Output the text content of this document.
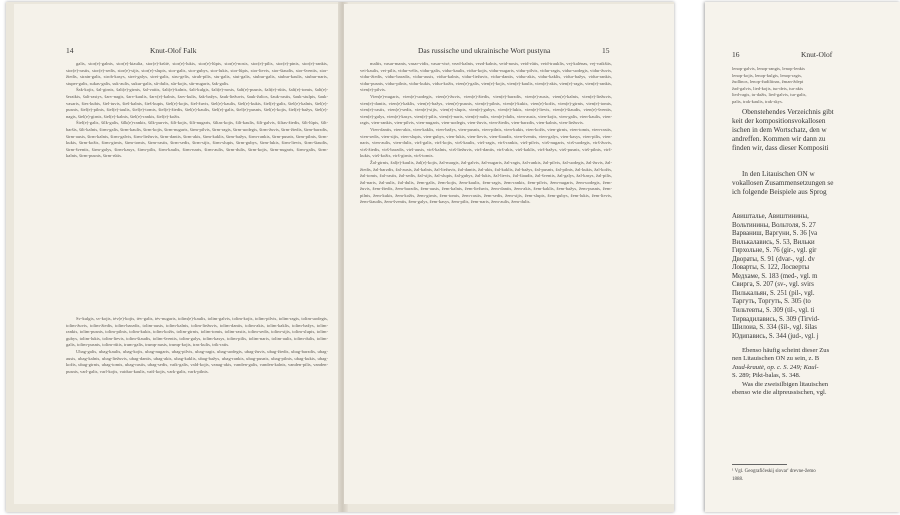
14	Knut-Olof Falk

galis, stor(e)-galnis, stor(e)-kiaulia, stor(e)-krūtė, stor(e)-lukis, stor(e)-lūpis, stor(e)-nosis, stor(e)-pilis, stor(e)-pinis, stor(e)-rankis, stor(e)-rastis, stor(e)-sedis, stor(e)-sijis, stor(e)-slupis, stor-galis, stor-gubys, stor-lukis, stor-lūpis, stor-lievis, stor-šiaudis, stor-šventis, stor-žiedis, strain-galis, strob-kasys, strei-galys, strei-galis, stru-gelis, strub-pilis, stu-galis, stut-galis, stubur-galis, stubur-kaulis, stubur-naris, stuper-galis, sukas-galis, suk-aulis, sukur-galis, sū-dulis, sūr-kojis, sūr-nugaris, šak-galis.

Šak-kojis, šal-girnis, šalt(e)-girnis, šal-vaitis, šalt(e)-kalnis, šalt-kulgis, šalt(e)-nosis, šalt(e)-pusnis, šalt(e)-rūtis, šalt(e)-tomis, šalt(e)-šeraikis, šalt-rastys, šarv-nagis, šarv-kaulis, šarv(e)-kalnis, šarv-kulis, šak-bažys, šauk-liežuvis, šauk-žalios, šauk-rastis, šauk-stulpis, šauk-vasaris, šies-kubis, šiel-tuvis, šieš-kalnis, šieš-kupis, šiel(e)-kojis, šiel-žuvis, šiel(e)-kaulis, šiel(e)-kukis, šiel(e)-galis, šiel(e)-kalnis, šiel(e)-pusnis, šiel(e)-pilnis, šiel(e)-taulis, šiel(e)-tomis, šiel(e)-žiedis, šiel(e)-kaulis, šiel(e)-galis, šiel(e)-pusnis, šiel(e)-kojis, šiel(e)-bažys, šiel(e)-nagis, šiel(e)-girnis, šiel(e)-kalnis, šiel(e)-rankis, šiel(e)-kožis.

Šiel(e)-galis, šilk-galis, šilk(e)-rankis, šilk-purvis, šilt-kojis, šilt-nugaris, šiltas-kojis, šilt-kaulis, šilt-galvis, šiltas-žiedis, šilt-lūpis, šilt-baršis, šilt-kalnis, širm-galis, širm-kaulis, širm-kojis, širm-nugaris, širm-pilvis, širm-ragis, širm-uodegis, širm-žuvis, širm-žiedis, širm-barzdis, širm-ausis, širm-kalnis, širm-galvis, širm-liežuvis, širm-dantis, širm-akis, širm-kaklis, širm-bažys, širm-rankis, širm-pusnis, širm-pilnis, širm-kukis, širm-kožis, širm-girnis, širm-tomis, širm-rastis, širm-sedis, širm-sijis, širm-slupis, širm-gubys, širm-lukis, širm-lievis, širm-šiaudis, širm-šventis, širm-galys, širm-kasys, širm-pilis, širm-kaulis, širm-naris, širm-aulis, širm-dulis, širm-kojis, širm-nugaris, širm-galis, širm-kalnis, širm-pusnis, širm-rūtis.

Sv-kulgis, sv-kojis, tėv(e)-kojis, tėv-galis, tėv-nugaris, tolim(e)-kaulis, tolim-galvis, tolim-kojis, tolim-pilvis, tolim-ragis, tolim-uodegis, tolim-žuvis, tolim-žiedis, tolim-barzdis, tolim-ausis, tolim-kalnis, tolim-liežuvis, tolim-dantis, tolim-akis, tolim-kaklis, tolim-bažys, tolim-rankis, tolim-pusnis, tolim-pilnis, tolim-kukis, tolim-kožis, tolim-girnis, tolim-tomis, tolim-rastis, tolim-sedis, tolim-sijis, tolim-slupis, tolim-gubys, tolim-lukis, tolim-lievis, tolim-šiaudis, tolim-šventis, tolim-galys, tolim-kasys, tolim-pilis, tolim-naris, tolim-aulis, tolim-dulis, tolim-galis, tolim-pusnis, tolim-rūtis, trum-galis, trump-ausis, trump-kojis, tras-kulis, trik-ratis.

Ubag-galis, ubag-kaulis, ubag-kojis, ubag-nugaris, ubag-pilvis, ubag-ragis, ubag-uodegis, ubag-žuvis, ubag-žiedis, ubag-barzdis, ubag-ausis, ubag-kalnis, ubag-liežuvis, ubag-dantis, ubag-akis, ubag-kaklis, ubag-bažys, ubag-rankis, ubag-pusnis, ubag-pilnis, ubag-kukis, ubag-kožis, ubag-girnis, ubag-tomis, ubag-rastis, ubag-sedis, vaik-galis, vald-kojis, vanag-akis, vanden-galis, vanden-kalnis, vanden-pilis, vanden-pusnis, varl-galis, varl-kojis, vaiduo-kaulis, vaiš-kojis, vark-galis, vark-pilnis.

Das russische und ukrainische Wort pustyna	15

maltis, vasar-manis, vasar-vidis, vasar-visė, vezd-kalnis, vezd-kalnis, veid-nosis, veid-rūtis, veid-trauklis, vej-kalėnas, vej-vaikštis, vei-kaulis, vei-pilis, vidur-vėlis, vidur-galis, vidur-kaulis, vidur-kojis, vidur-nugaris, vidur-pilvis, vidur-ragis, vidur-uodegis, vidur-žuvis, vidur-žiedis, vidur-barzdis, vidur-ausis, vidur-kalnis, vidur-liežuvis, vidur-dantis, vidur-akis, vidur-kaklis, vidur-bažys, vidur-rankis, vidur-pusnis, vidur-pilnis, vidur-kukis, vidur-kožis, vien(e)-galis, vien(e)-kojis, vien(e)-kaulis, vien(e)-akis, vien(e)-ragis, vien(e)-rankis, vien(e)-pilvis.

Vien(e)-nugaris, vien(e)-uodegis, vien(e)-žuvis, vien(e)-žiedis, vien(e)-barzdis, vien(e)-ausis, vien(e)-kalnis, vien(e)-liežuvis, vien(e)-dantis, vien(e)-kaklis, vien(e)-bažys, vien(e)-pusnis, vien(e)-pilnis, vien(e)-kukis, vien(e)-kožis, vien(e)-girnis, vien(e)-tomis, vien(e)-rastis, vien(e)-sedis, vien(e)-sijis, vien(e)-slupis, vien(e)-gubys, vien(e)-lukis, vien(e)-lievis, vien(e)-šiaudis, vien(e)-šventis, vien(e)-galys, vien(e)-kasys, vien(e)-pilis, vien(e)-naris, vien(e)-aulis, vien(e)-dulis, vien-ausis, vien-kojis, vien-galis, vien-kaulis, vien-ragis, vien-rankis, vien-pilvis, vien-nugaris, vien-uodegis, vien-žuvis, vien-žiedis, vien-barzdis, vien-kalnis, vien-liežuvis.

Vien-dantis, vien-akis, vien-kaklis, vien-bažys, vien-pusnis, vien-pilnis, vien-kukis, vien-kožis, vien-girnis, vien-tomis, vien-rastis, vien-sedis, vien-sijis, vien-slupis, vien-gubys, vien-lukis, vien-lievis, vien-šiaudis, vien-šventis, vien-galys, vien-kasys, vien-pilis, vien-naris, vien-aulis, vien-dulis, virš-galis, virš-kojis, virš-kaulis, virš-ragis, virš-rankis, virš-pilvis, virš-nugaris, virš-uodegis, virš-žuvis, virš-žiedis, virš-barzdis, virš-ausis, virš-kalnis, virš-liežuvis, virš-dantis, virš-akis, virš-kaklis, virš-bažys, virš-pusnis, virš-pilnis, virš-kukis, virš-kožis, virš-girnis, virš-tomis.

Žal-girnis, žal(e)-kaulis, žal(e)-kojis, žal-margis, žal-galvis, žal-nugaris, žal-ragis, žal-rankis, žal-pilvis, žal-uodegis, žal-žuvis, žal-žiedis, žal-barzdis, žal-ausis, žal-kalnis, žal-liežuvis, žal-dantis, žal-akis, žal-kaklis, žal-bažys, žal-pusnis, žal-pilnis, žal-kukis, žal-kožis, žal-tomis, žal-rastis, žal-sedis, žal-sijis, žal-slupis, žal-gubys, žal-lukis, žal-lievis, žal-šiaudis, žal-šventis, žal-galys, žal-kasys, žal-pilis, žal-naris, žal-aulis, žal-dulis, žem-galis, žem-kojis, žem-kaulis, žem-ragis, žem-rankis, žem-pilvis, žem-nugaris, žem-uodegis, žem-žuvis, žem-žiedis, žem-barzdis, žem-ausis, žem-kalnis, žem-liežuvis, žem-dantis, žem-akis, žem-kaklis, žem-bažys, žem-pusnis, žem-pilnis, žem-kukis, žem-kožis, žem-girnis, žem-tomis, žem-rastis, žem-sedis, žem-sijis, žem-slupis, žem-gubys, žem-lukis, žem-lievis, žem-šiaudis, žem-šventis, žem-galys, žem-kasys, žem-pilis, žem-naris, žem-aulis, žem-dulis.

16	Knut-Olof
lenop-galvis, lenop-rangis, lenop-lenkis
lenop-kojis, lenop-kulgis, lenop-ragis,
žudlinos, lenop-žudiliinas, žman-ždept
žad-galvis, lied-kojis, tur-deis, tur-akis
lied-ragis, tu-dažis, lied-galvis, tur-galis,
palis, trak-kaulis, trak-skys.
Obenstehendes Verzeichnis gibt
keit der kompositionsvokallosen
ischen in dem Wortschatz, den w
andreffen. Kommen wir dann zu
finden wir, dass dieser Kompositi
In den Litauischen ON w
vokallosen Zusammensetzungen se
ich folgende Beispiele aus Sprog
Авишталье, Авиштинины,
Вольтинины, Вольтоля, S. 27
Варваниш, Варгуни, S. 36 [va
Вилькалавись, S. 53, Вильки
Гирхольне, S. 76 (gir-, vgl. gir
Двораты, S. 91 (dvar-, vgl. dv
Ловарты, S. 122, Лосверты
Медхаме, S. 183 (med-, vgl. m
Свирга, S. 207 (sv-, vgl. svirs
Пилькальян, S. 251 (pil-, vgl.
Таргуть, Торгуть, S. 305 (to
Тильтевты, S. 309 (til-, vgl. ti
Тирвадилавись, S. 309 (Tirvid-
Шилоиа, S. 334 (šil-, vgl. šilas
Юдипавись, S. 344 (jud-, vgl. j
Ebenso häufig scheint dieser Zus
nen Litauischen ON zu sein, z. B
Jaud-krautė, op. c. S. 249; Kaul-
S. 289; Pikt-balas, S. 348.
Was die zweisilbigen litauischen
ebenso wie die altpreussischen, vgl.
¹ Vgl. Geografičeskij slovar' drevne-žemo
1888.
